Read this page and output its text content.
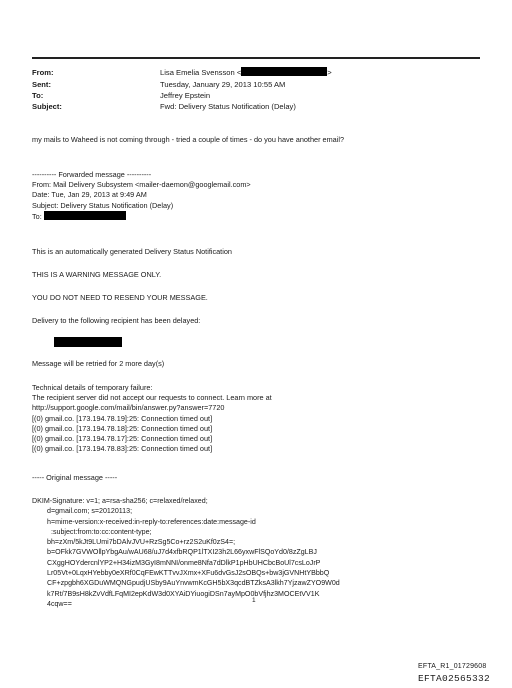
From:	Lisa Emelia Svensson <	>
Sent:	Tuesday, January 29, 2013 10:55 AM
To:	Jeffrey Epstein
Subject:	Fwd: Delivery Status Notification (Delay)
my mails to Waheed is not coming through - tried a couple of times - do you have another email?
---------- Forwarded message ----------
From: Mail Delivery Subsystem <mailer-daemon@googlemail.com>
Date: Tue, Jan 29, 2013 at 9:49 AM
Subject: Delivery Status Notification (Delay)
To:
This is an automatically generated Delivery Status Notification
THIS IS A WARNING MESSAGE ONLY.
YOU DO NOT NEED TO RESEND YOUR MESSAGE.
Delivery to the following recipient has been delayed:
Message will be retried for 2 more day(s)
Technical details of temporary failure:
The recipient server did not accept our requests to connect. Learn more at
http://support.google.com/mail/bin/answer.py?answer=7720
[(0) gmail.co. [173.194.78.19]:25: Connection timed out]
[(0) gmail.co. [173.194.78.18]:25: Connection timed out]
[(0) gmail.co. [173.194.78.17]:25: Connection timed out]
[(0) gmail.co. [173.194.78.83]:25: Connection timed out]
----- Original message -----
DKIM-Signature: v=1; a=rsa-sha256; c=relaxed/relaxed;
d=gmail.com; s=20120113;
h=mime-version:x-received:in-reply-to:references:date:message-id
:subject:from:to:cc:content-type;
bh=zXm/5kJt9LUmi7bDAlvJVU+RzSg5Co+rz2S2uKf0zS4=;
b=OFkk7GVWOllpYbgAu/wAU68/uJ7d4xfbRQP1lTXI23h2L66yxwFlSQoYd0/8zZgLBJ
CXggHOYdercnlYP2+H34izM3GyI8mNNI/onme8Nfa7dDlkP1pHbUHCbcBoUl7csLoJrP
Lr05Vt+0LqxHYebby0eXRf0CqFEwKTTvvJXmx+XFu6dvGsJ2sOBQs+bw3jGVNHtYBbbQ
CF+zpgbh6XGDuWMQNGpudjUSby9AuYnvwmKcGH5bX3qcdBTZksA3lkh7YjzawZYO9W0d
k7Rt/7B9sH8kZvVdfLFqMI2epKdW3d0XYAiDYiuogiDSn7ayMpO0bVfjhz3MOCEtVV1K
4cqw==	1
EFTA_R1_01729608
EFTA02565332
